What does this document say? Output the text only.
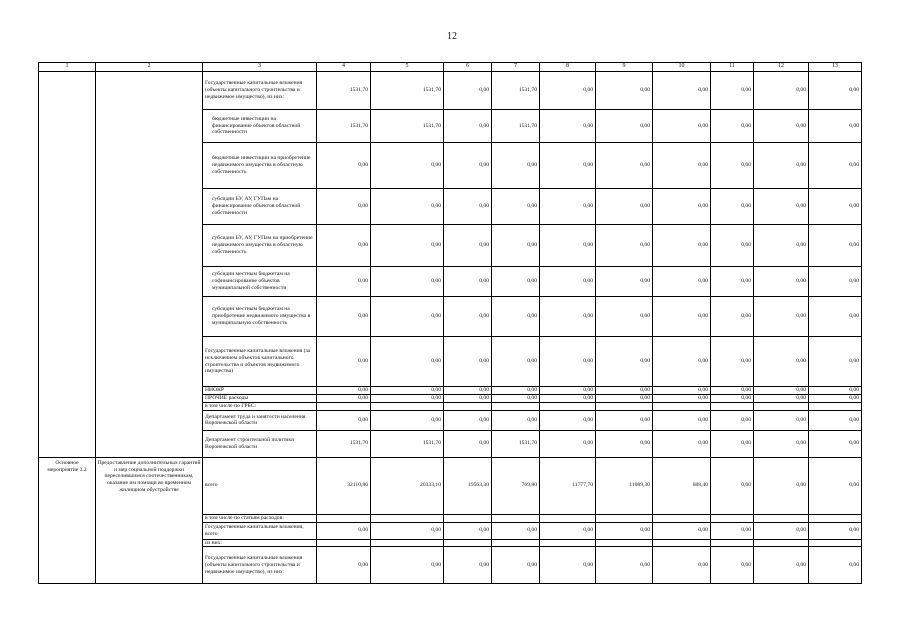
12
1	2	3	4	5	6	7	8	9	10	11	12	13
		Государственные капитальные вложения (объекты капитального строительства и недвижимое имущество), из них:	1531,70	1531,70	0,00	1531,70	0,00	0,00	0,00	0,00	0,00	0,00
		бюджетные инвестиции на финансирование объектов областной собственности	1531,70	1531,70	0,00	1531,70	0,00	0,00	0,00	0,00	0,00	0,00
		бюджетные инвестиции на приобретение недвижимого имущества в областную собственность	0,00	0,00	0,00	0,00	0,00	0,00	0,00	0,00	0,00	0,00
		субсидии БУ, АУ, ГУПам на финансирование объектов областной собственности	0,00	0,00	0,00	0,00	0,00	0,00	0,00	0,00	0,00	0,00
		субсидии БУ, АУ, ГУПам на приобретение недвижимого имущества в областную собственность	0,00	0,00	0,00	0,00	0,00	0,00	0,00	0,00	0,00	0,00
		субсидии местным бюджетам на софинансирование объектов муниципальной собственности	0,00	0,00	0,00	0,00	0,00	0,00	0,00	0,00	0,00	0,00
		субсидии местным бюджетам на приобретение недвижимого имущества в муниципальную собственность	0,00	0,00	0,00	0,00	0,00	0,00	0,00	0,00	0,00	0,00
		Государственные капитальные вложения (за исключением объектов капитального строительства и объектов недвижимого имущества)	0,00	0,00	0,00	0,00	0,00	0,00	0,00	0,00	0,00	0,00
		НИОКР	0,00	0,00	0,00	0,00	0,00	0,00	0,00	0,00	0,00	0,00
		ПРОЧИЕ расходы	0,00	0,00	0,00	0,00	0,00	0,00	0,00	0,00	0,00	0,00
		в том числе по ГРБС:										
		Департамент труда и занятости населения Воронежской области	0,00	0,00	0,00	0,00	0,00	0,00	0,00	0,00	0,00	0,00
		Департамент строительной политики Воронежской области	1531,70	1531,70	0,00	1531,70	0,00	0,00	0,00	0,00	0,00	0,00
Основное мероприятие 3.2	Предоставление дополнительных гарантий и мер социальной поддержки переселившимся соотечественникам, оказание им помощи во временном жилищном обустройстве	всего	32110,80	20333,10	19563,30	769,80	11777,70	11089,30	688,40	0,00	0,00	0,00
		в том числе по статьям расходов:										
		Государственные капитальные вложения, всего	0,00	0,00	0,00	0,00	0,00	0,00	0,00	0,00	0,00	0,00
		из них:										
		Государственные капитальные вложения (объекты капитального строительства и недвижимое имущество), из них:	0,00	0,00	0,00	0,00	0,00	0,00	0,00	0,00	0,00	0,00
